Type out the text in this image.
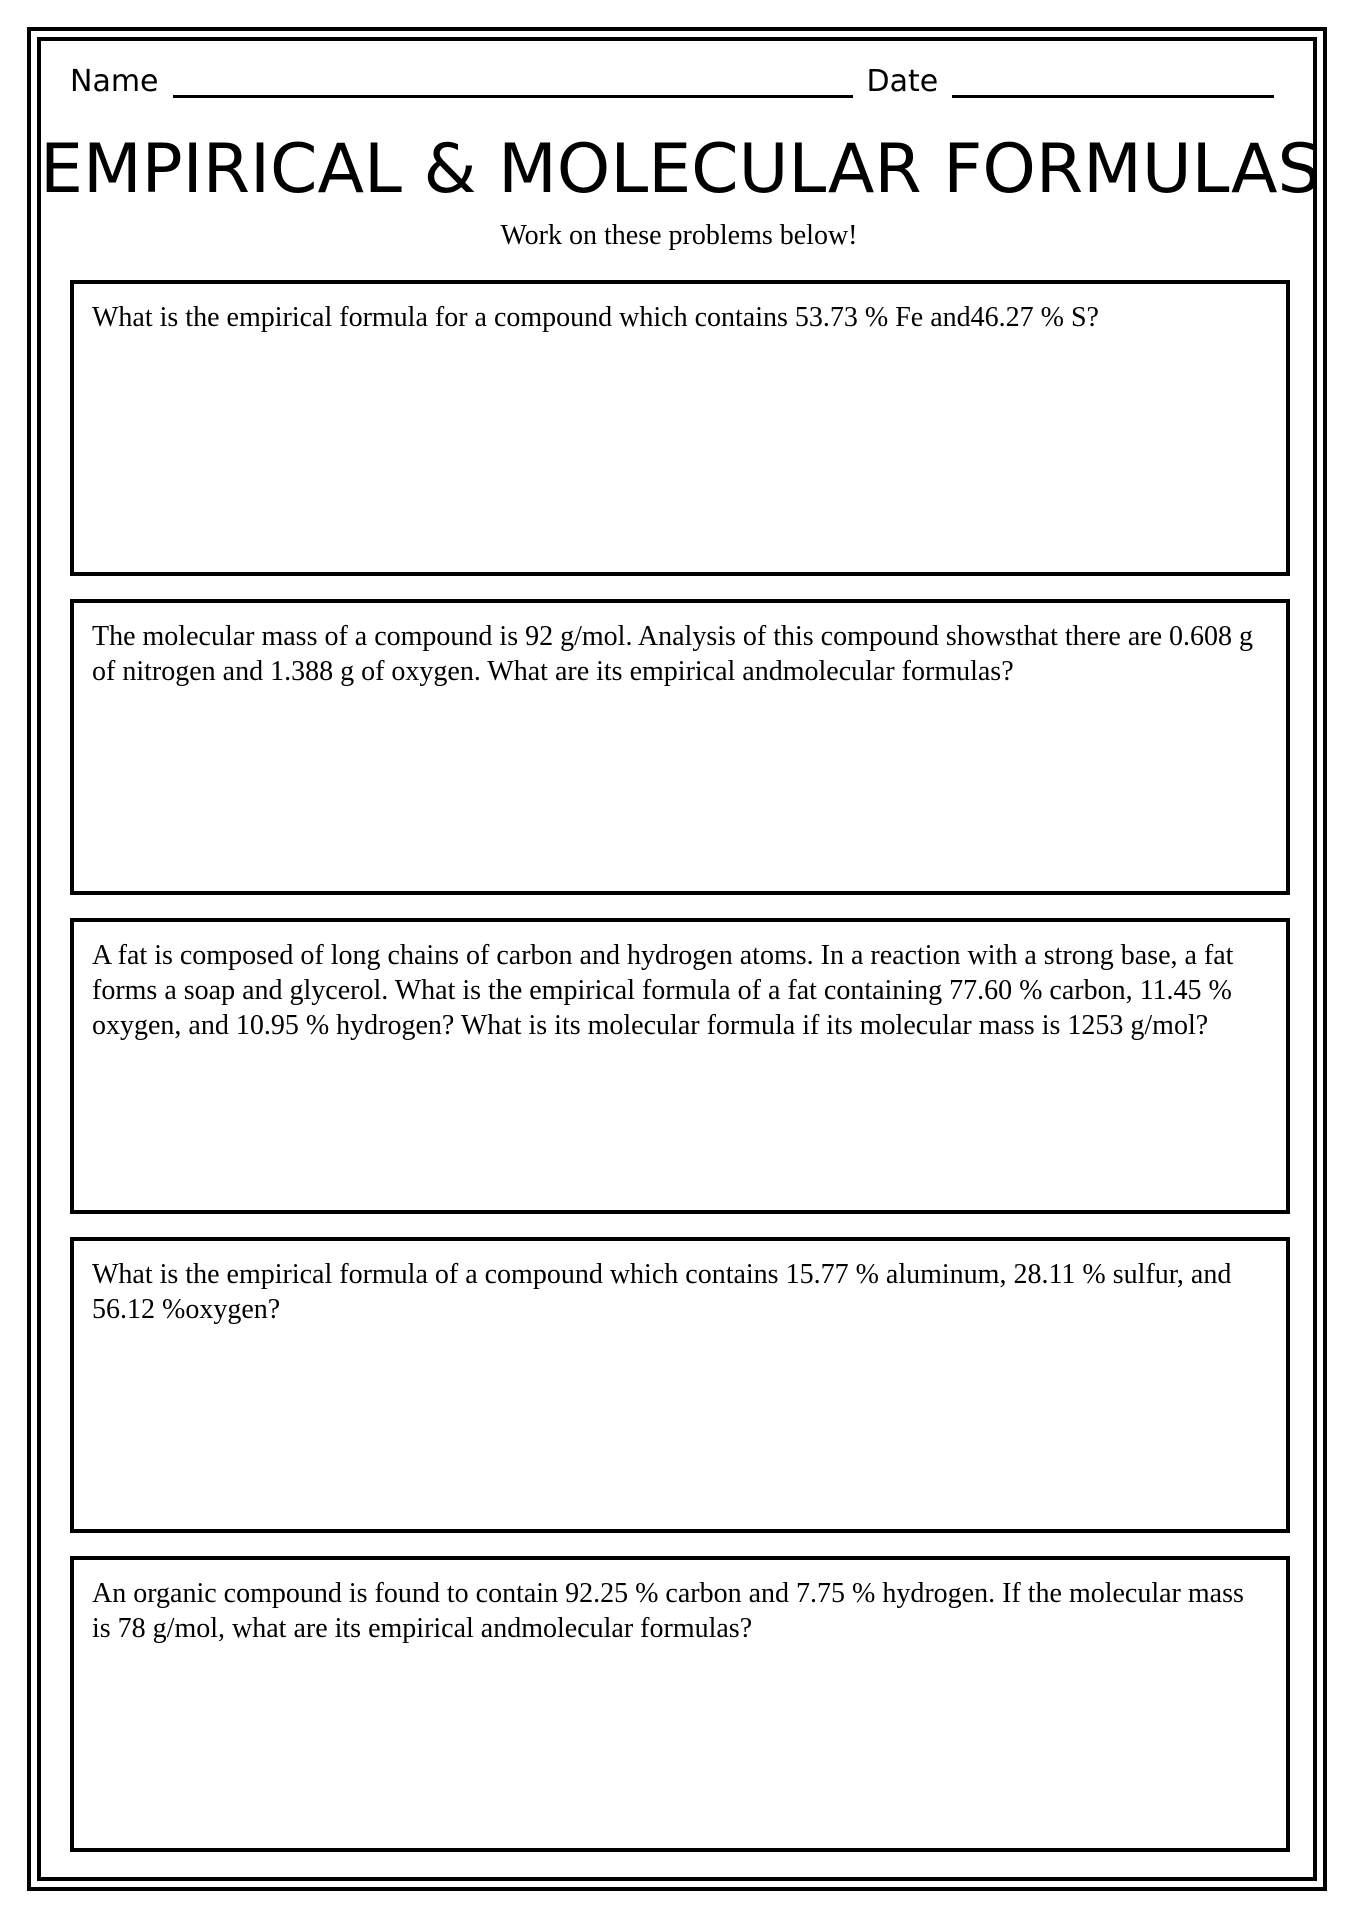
Name	Date
EMPIRICAL & MOLECULAR FORMULAS
Work on these problems below!

What is the empirical formula for a compound which contains 53.73 % Fe and46.27 % S?

The molecular mass of a compound is 92 g/mol. Analysis of this compound showsthat there are 0.608 g of nitrogen and 1.388 g of oxygen. What are its empirical andmolecular formulas?

A fat is composed of long chains of carbon and hydrogen atoms. In a reaction with a strong base, a fat forms a soap and glycerol. What is the empirical formula of a fat containing 77.60 % carbon, 11.45 % oxygen, and 10.95 % hydrogen? What is its molecular formula if its molecular mass is 1253 g/mol?

What is the empirical formula of a compound which contains 15.77 % aluminum, 28.11 % sulfur, and 56.12 %oxygen?

An organic compound is found to contain 92.25 % carbon and 7.75 % hydrogen. If the molecular mass is 78 g/mol, what are its empirical andmolecular formulas?
